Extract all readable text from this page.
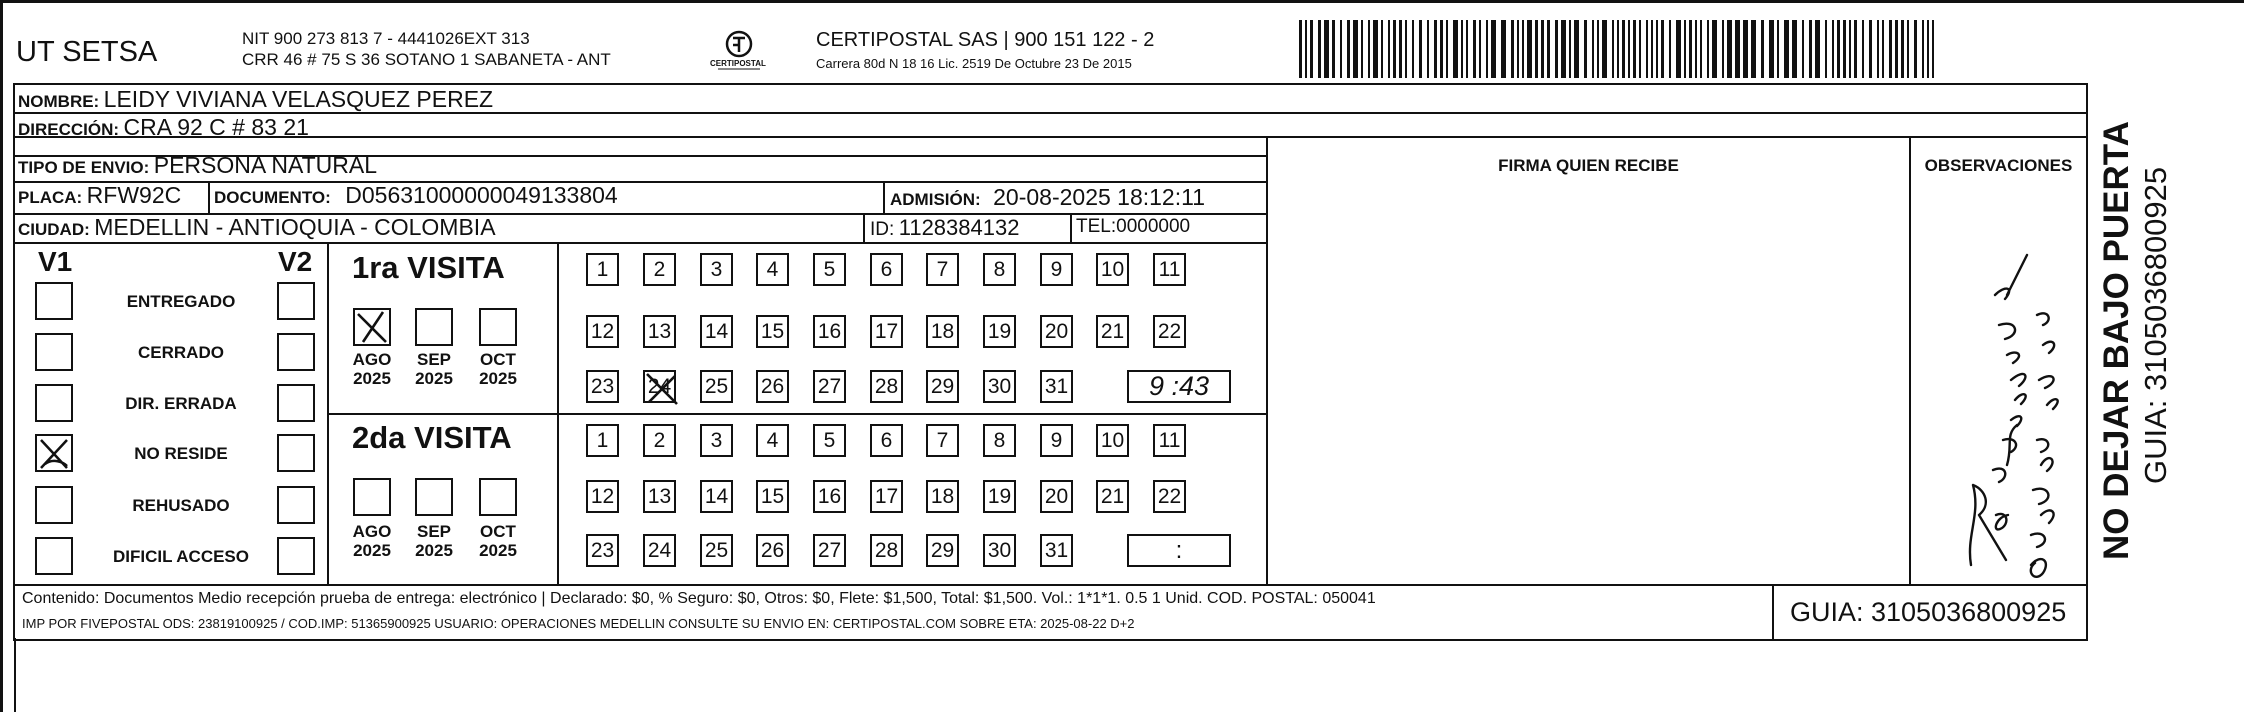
UT SETSA	NIT 900 273 813 7 - 4441026EXT 313
CRR 46 # 75 S 36 SOTANO 1 SABANETA - ANT	CERTIPOSTAL
CERTIPOSTAL SAS | 900 151 122 - 2
Carrera 80d N 18 16 Lic. 2519 De Octubre 23 De 2015
NOMBRE: LEIDY VIVIANA VELASQUEZ PEREZ
DIRECCIÓN: CRA 92 C # 83 21
TIPO DE ENVIO: PERSONA NATURAL
PLACA: RFW92C DOCUMENTO: D05631000000049133804	ADMISIÓN: 20-08-2025 18:12:11
CIUDAD: MEDELLIN - ANTIOQUIA - COLOMBIA	ID: 1128384132	TEL:0000000
FIRMA QUIEN RECIBE	OBSERVACIONES
V1	V2
ENTREGADO
CERRADO
DIR. ERRADA
NO RESIDE
REHUSADO
DIFICIL ACCESO
1ra VISITA
2da VISITA
AGO
2025
SEP
2025
OCT
2025
AGO
2025
SEP
2025
OCT
2025
1 2 3 4 5 6 7 8 9 10 11
12 13 14 15 16 17 18 19 20 21 22
23 24 25 26 27 28 29 30 31	9 :43
1 2 3 4 5 6 7 8 9 10 11
12 13 14 15 16 17 18 19 20 21 22
23 24 25 26 27 28 29 30 31	:
Contenido: Documentos Medio recepción prueba de entrega: electrónico | Declarado: $0, % Seguro: $0, Otros: $0, Flete: $1,500, Total: $1,500. Vol.: 1*1*1. 0.5 1 Unid. COD. POSTAL: 050041
IMP POR FIVEPOSTAL ODS: 23819100925 / COD.IMP: 51365900925 USUARIO: OPERACIONES MEDELLIN CONSULTE SU ENVIO EN: CERTIPOSTAL.COM SOBRE ETA: 2025-08-22 D+2	GUIA: 3105036800925
NO DEJAR BAJO PUERTA GUIA: 3105036800925
